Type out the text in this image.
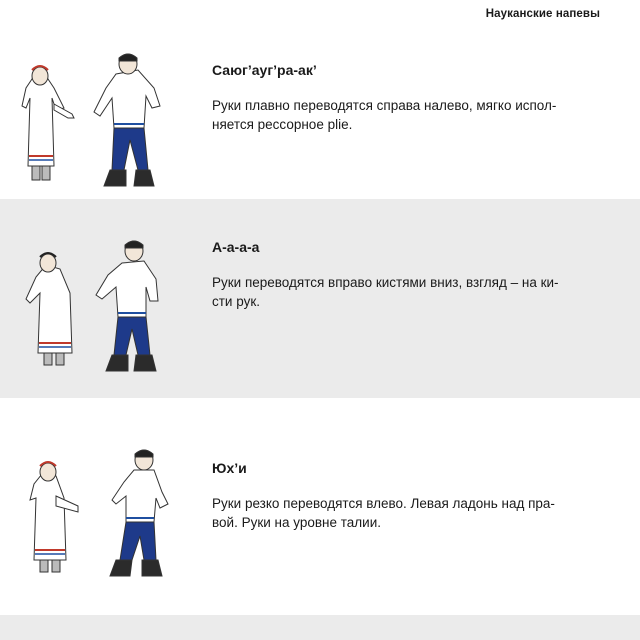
Науканские напевы

Саюг’ауг’ра-ак’

Руки плавно переводятся справа налево, мягко испол-
няется рессорное plie.

А-а-а-а

Руки переводятся вправо кистями вниз, взгляд – на ки-
сти рук.

Юх’и

Руки резко переводятся влево. Левая ладонь над пра-
вой. Руки на уровне талии.
